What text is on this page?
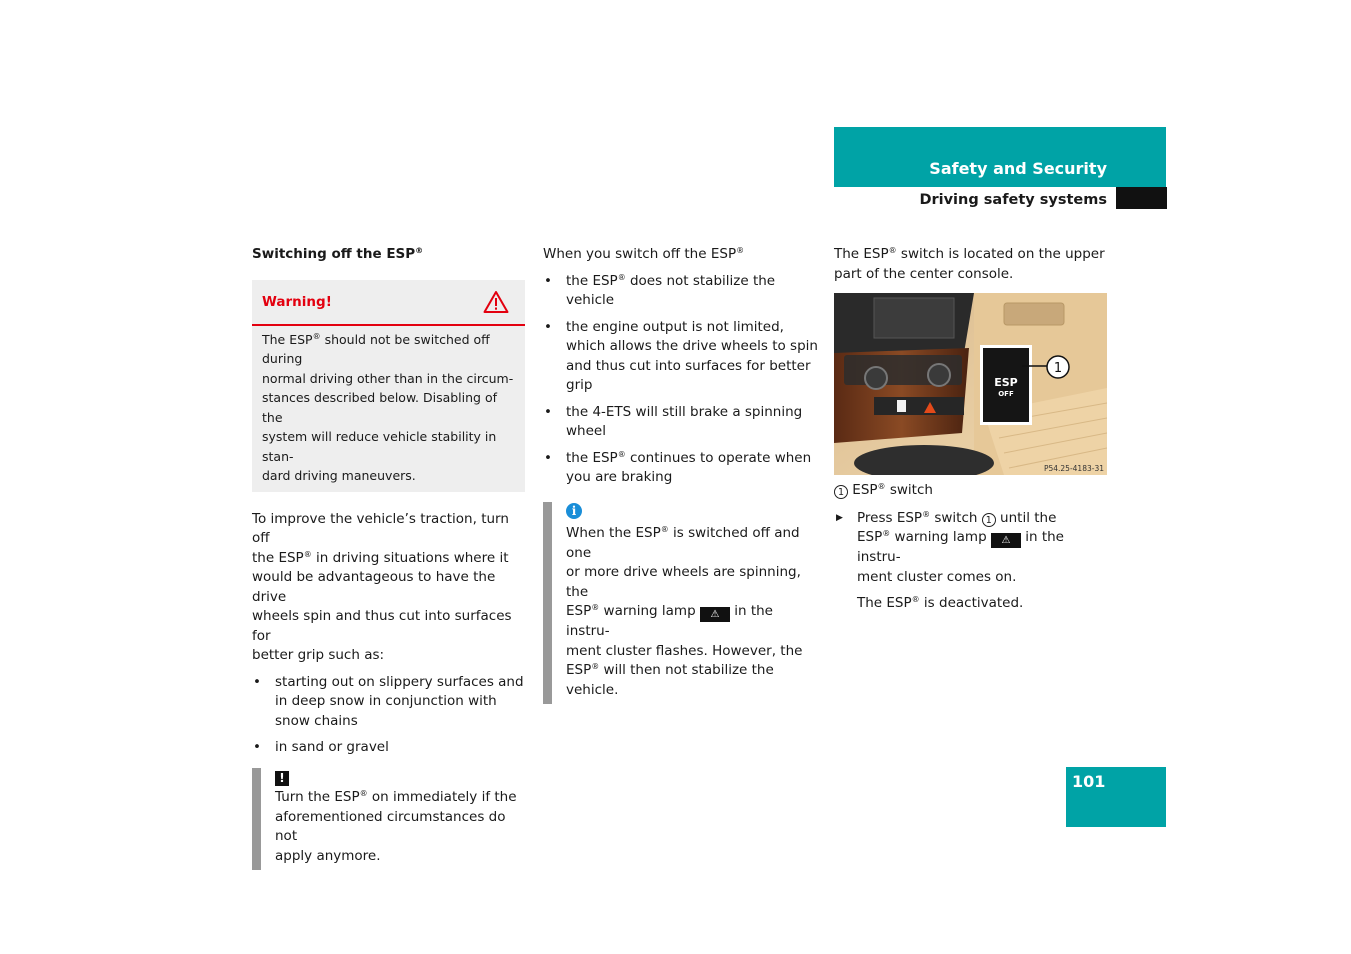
Safety and Security
Driving safety systems

Switching off the ESP®

Warning!
The ESP® should not be switched off during
normal driving other than in the circum-
stances described below. Disabling of the
system will reduce vehicle stability in stan-
dard driving maneuvers.
To improve the vehicle’s traction, turn off
the ESP® in driving situations where it
would be advantageous to have the drive
wheels spin and thus cut into surfaces for
better grip such as:
• starting out on slippery surfaces and in deep snow in conjunction with snow chains
• in sand or gravel
!
Turn the ESP® on immediately if the
aforementioned circumstances do not
apply anymore.

When you switch off the ESP®

• the ESP® does not stabilize the vehicle
• the engine output is not limited, which allows the drive wheels to spin and thus cut into surfaces for better grip
• the 4-ETS will still brake a spinning wheel
• the ESP® continues to operate when you are braking
i
When the ESP® is switched off and one
or more drive wheels are spinning, the
ESP® warning lamp ⚠ in the instru-
ment cluster flashes. However, the
ESP® will then not stabilize the vehicle.
The ESP® switch is located on the upper
part of the center console.
1
ESP
OFF
P54.25-4183-31
1 ESP® switch
▶ Press ESP® switch 1 until the
ESP® warning lamp ⚠ in the instru-
ment cluster comes on.
The ESP® is deactivated.
101
